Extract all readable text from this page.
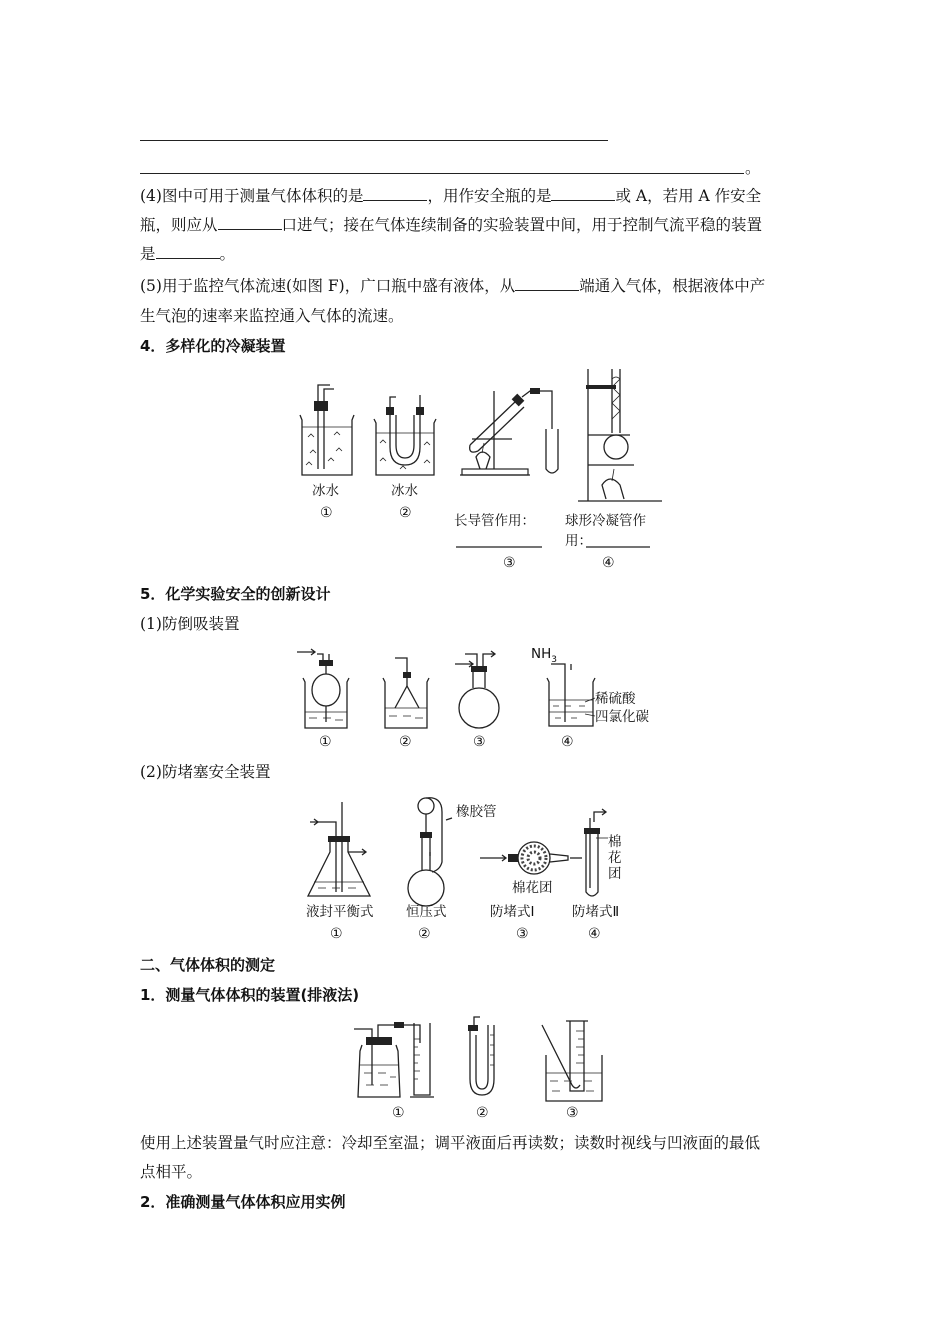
。
(4)图中可用于测量气体体积的是	，用作安全瓶的是	或 A，若用 A 作安全
瓶，则应从	口进气；接在气体连续制备的实验装置中间，用于控制气流平稳的装置
是	。
(5)用于监控气体流速(如图 F)，广口瓶中盛有液体，从	端通入气体，根据液体中产
生气泡的速率来监控通入气体的流速。
4．多样化的冷凝装置
冰水
①
冰水
②	长导管作用：
③
球形冷凝管作
用：
④
5．化学实验安全的创新设计
(1)防倒吸装置
①	②	③
$NH_3$
稀硫酸
四氯化碳
④
(2)防堵塞安全装置
液封平衡式
①
橡胶管
恒压式
②
棉花团
防堵式Ⅰ
③
棉
花
团
防堵式Ⅱ
④
二、气体体积的测定
1．测量气体体积的装置(排液法)
①	②	③
使用上述装置量气时应注意：冷却至室温；调平液面后再读数；读数时视线与凹液面的最低
点相平。
2．准确测量气体体积应用实例
